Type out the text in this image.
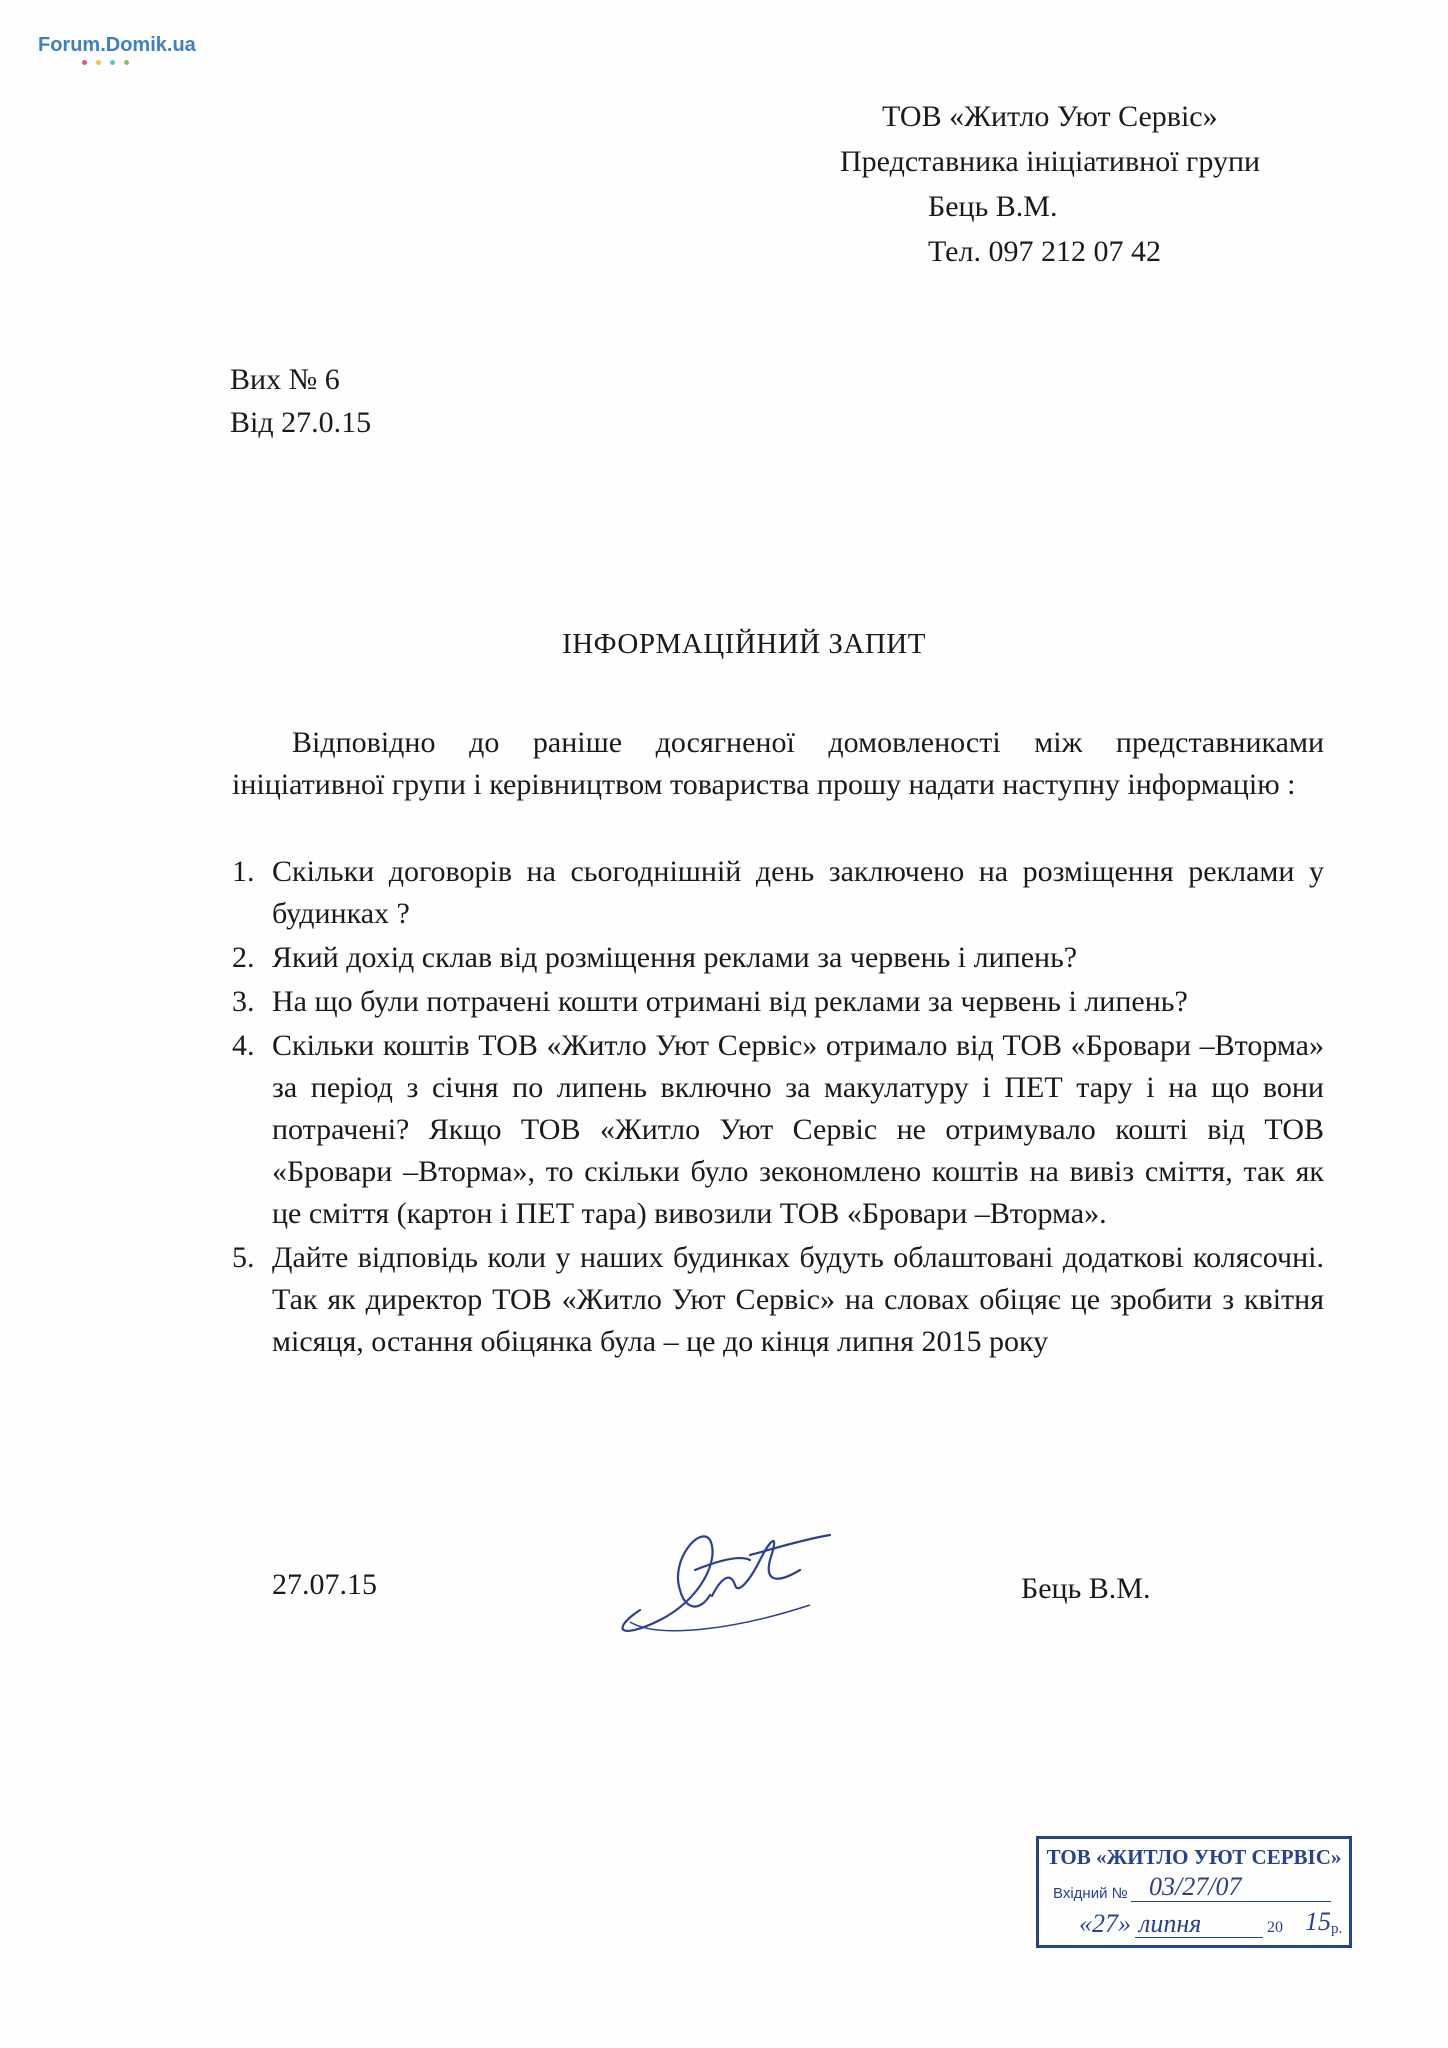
Forum.Domik.ua
ТОВ «Житло Уют Сервіс»
Представника ініціативної групи
Бець В.М.
Тел. 097 212 07 42
Вих № 6
Від 27.0.15
ІНФОРМАЦІЙНИЙ ЗАПИТ

Відповідно до раніше досягненої домовленості між представниками ініціативної групи і керівництвом товариства прошу надати наступну інформацію :

1. Скільки договорів на сьогоднішній день заключено на розміщення реклами у будинках ?
2. Який дохід склав від розміщення реклами за червень і липень?
3. На що були потрачені кошти отримані від реклами за червень і липень?
4. Скільки коштів ТОВ «Житло Уют Сервіс» отримало від ТОВ «Бровари –Вторма» за період з січня по липень включно за макулатуру і ПЕТ тару і на що вони потрачені? Якщо ТОВ «Житло Уют Сервіс не отримувало кошті від ТОВ «Бровари –Вторма», то скільки було зекономлено коштів на вивіз сміття, так як це сміття (картон і ПЕТ тара) вивозили ТОВ «Бровари –Вторма».
5. Дайте відповідь коли у наших будинках будуть облаштовані додаткові колясочні. Так як директор ТОВ «Житло Уют Сервіс» на словах обіцяє це зробити з квітня місяця, остання обіцянка була – це до кінця липня 2015 року
27.07.15	Бець В.М.
ТОВ «ЖИТЛО УЮТ СЕРВІС»
Вхідний № 03/27/07
«27» липня	20 15 р.
